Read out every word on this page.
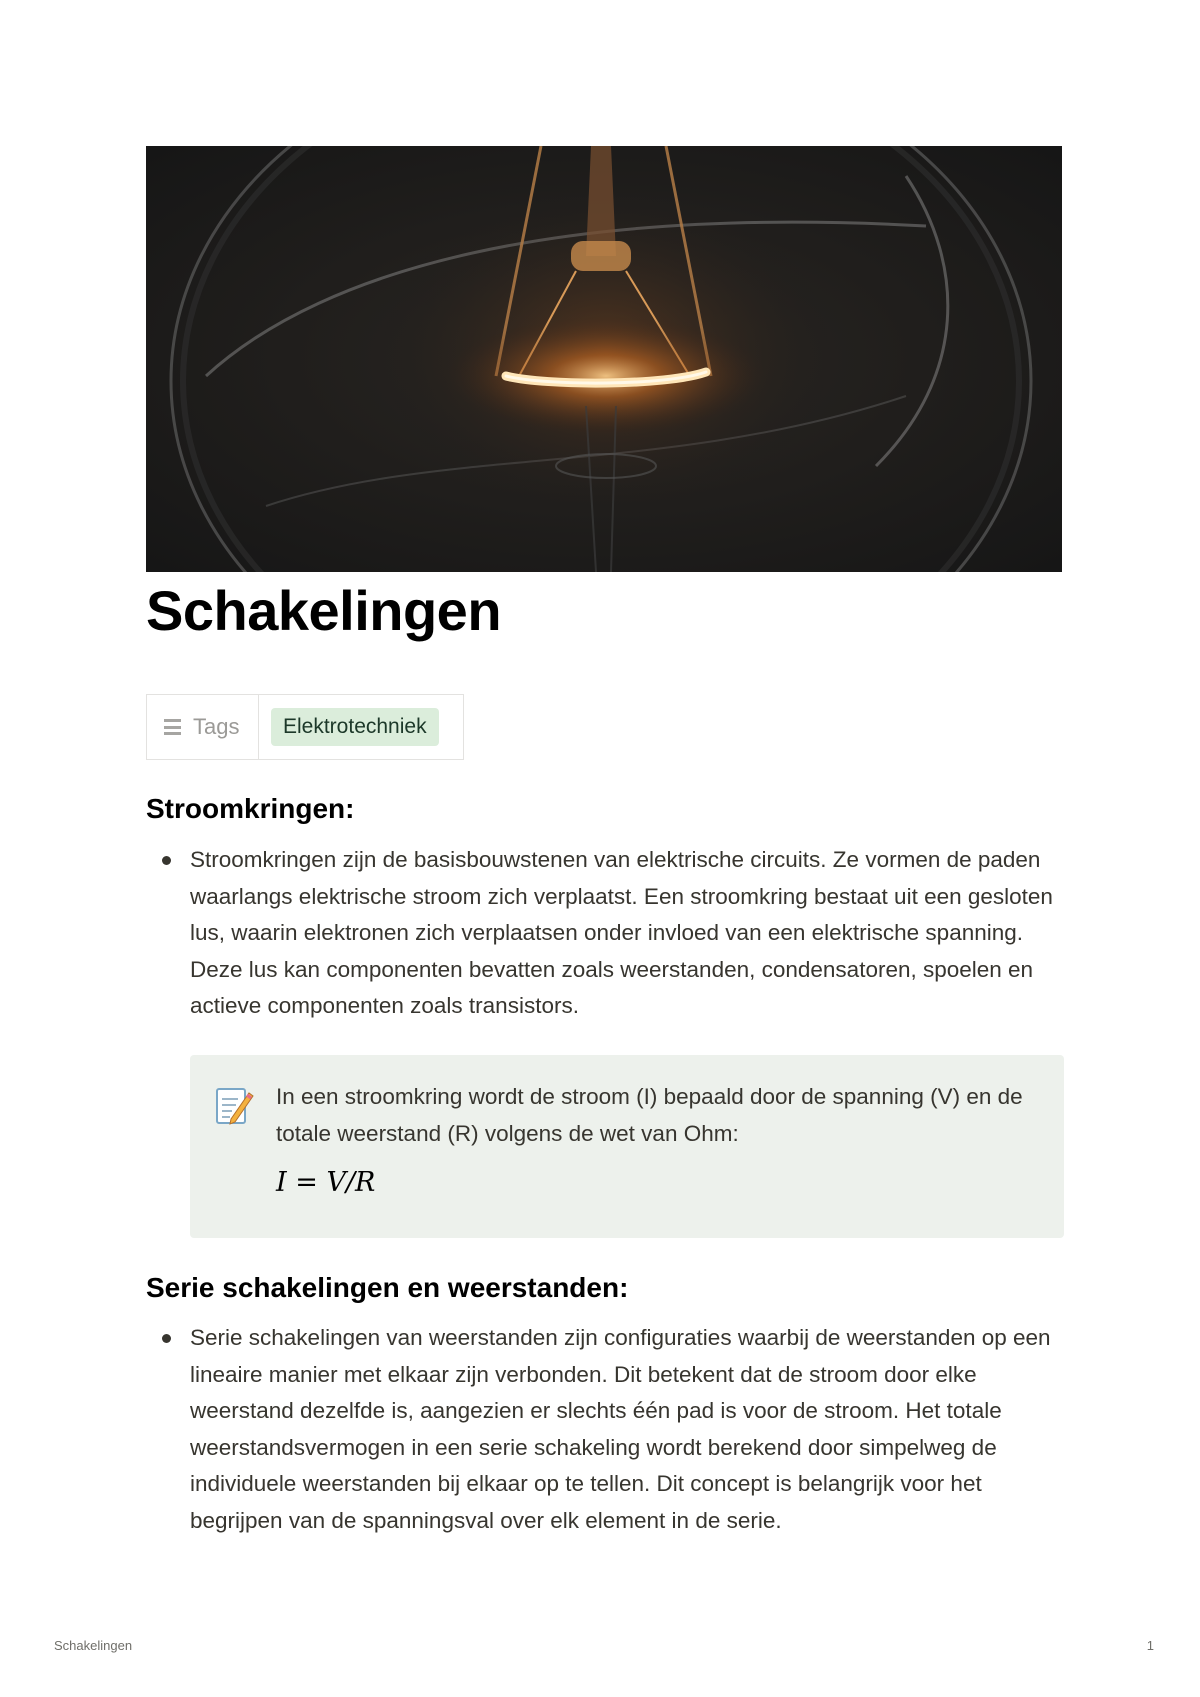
Schakelingen
Tags	Elektrotechniek
Stroomkringen:

Stroomkringen zijn de basisbouwstenen van elektrische circuits. Ze vormen de paden waarlangs elektrische stroom zich verplaatst. Een stroomkring bestaat uit een gesloten lus, waarin elektronen zich verplaatsen onder invloed van een elektrische spanning. Deze lus kan componenten bevatten zoals weerstanden, condensatoren, spoelen en actieve componenten zoals transistors.

In een stroomkring wordt de stroom (I) bepaald door de spanning (V) en de totale weerstand (R) volgens de wet van Ohm:

I = V/R
Serie schakelingen en weerstanden:

Serie schakelingen van weerstanden zijn configuraties waarbij de weerstanden op een lineaire manier met elkaar zijn verbonden. Dit betekent dat de stroom door elke weerstand dezelfde is, aangezien er slechts één pad is voor de stroom. Het totale weerstandsvermogen in een serie schakeling wordt berekend door simpelweg de individuele weerstanden bij elkaar op te tellen. Dit concept is belangrijk voor het begrijpen van de spanningsval over elk element in de serie.

Schakelingen	1
